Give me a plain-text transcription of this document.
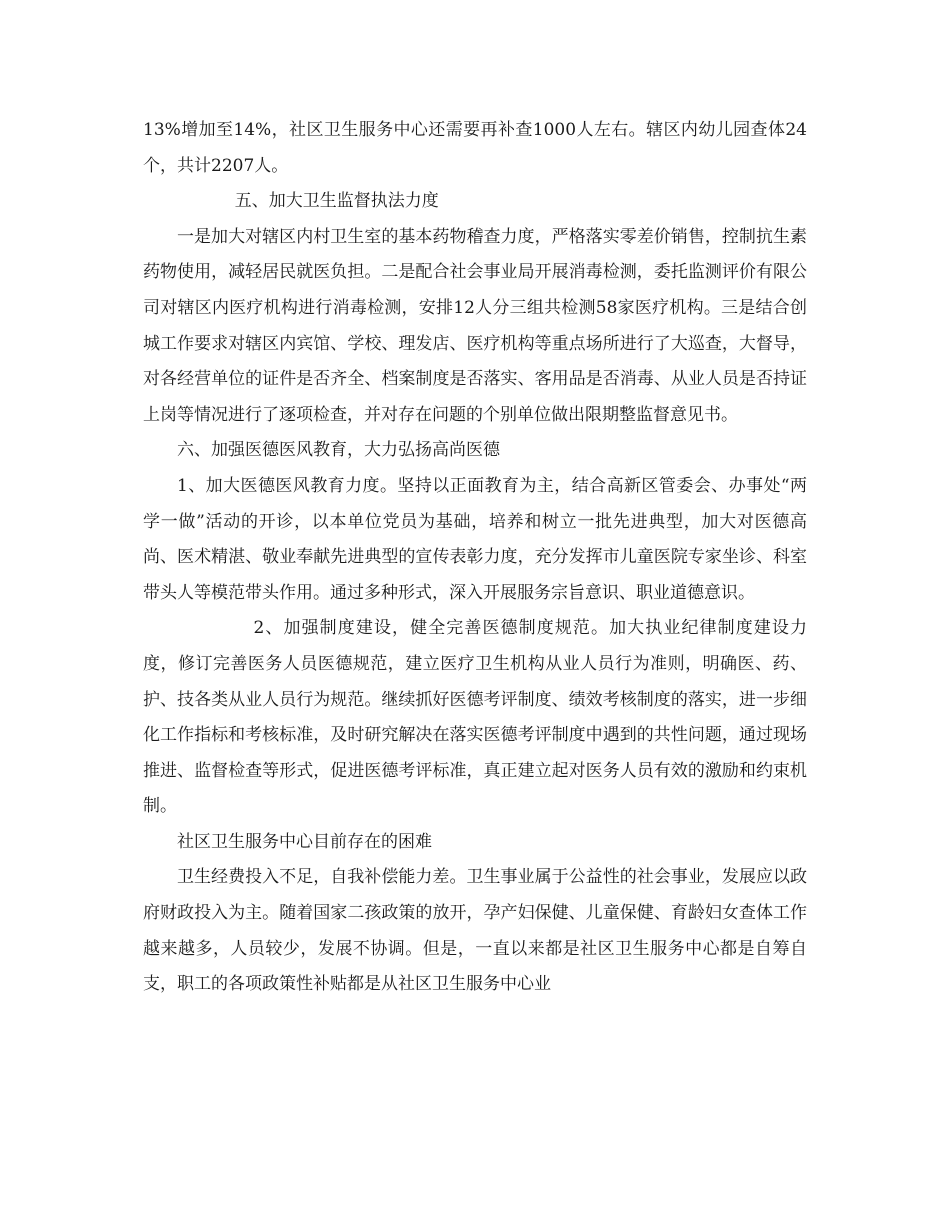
13%增加至14%，社区卫生服务中心还需要再补查1000人左右。辖区内幼儿园查体24个，共计2207人。

五、加大卫生监督执法力度

一是加大对辖区内村卫生室的基本药物稽查力度，严格落实零差价销售，控制抗生素药物使用，减轻居民就医负担。二是配合社会事业局开展消毒检测，委托监测评价有限公司对辖区内医疗机构进行消毒检测，安排12人分三组共检测58家医疗机构。三是结合创城工作要求对辖区内宾馆、学校、理发店、医疗机构等重点场所进行了大巡查，大督导，对各经营单位的证件是否齐全、档案制度是否落实、客用品是否消毒、从业人员是否持证上岗等情况进行了逐项检查，并对存在问题的个别单位做出限期整监督意见书。

六、加强医德医风教育，大力弘扬高尚医德

1、加大医德医风教育力度。坚持以正面教育为主，结合高新区管委会、办事处“两学一做”活动的开诊，以本单位党员为基础，培养和树立一批先进典型，加大对医德高尚、医术精湛、敬业奉献先进典型的宣传表彰力度，充分发挥市儿童医院专家坐诊、科室带头人等模范带头作用。通过多种形式，深入开展服务宗旨意识、职业道德意识。

2、加强制度建设，健全完善医德制度规范。加大执业纪律制度建设力度，修订完善医务人员医德规范，建立医疗卫生机构从业人员行为准则，明确医、药、护、技各类从业人员行为规范。继续抓好医德考评制度、绩效考核制度的落实，进一步细化工作指标和考核标准，及时研究解决在落实医德考评制度中遇到的共性问题，通过现场推进、监督检查等形式，促进医德考评标准，真正建立起对医务人员有效的激励和约束机制。

社区卫生服务中心目前存在的困难

卫生经费投入不足，自我补偿能力差。卫生事业属于公益性的社会事业，发展应以政府财政投入为主。随着国家二孩政策的放开，孕产妇保健、儿童保健、育龄妇女查体工作越来越多，人员较少，发展不协调。但是，一直以来都是社区卫生服务中心都是自筹自支，职工的各项政策性补贴都是从社区卫生服务中心业
